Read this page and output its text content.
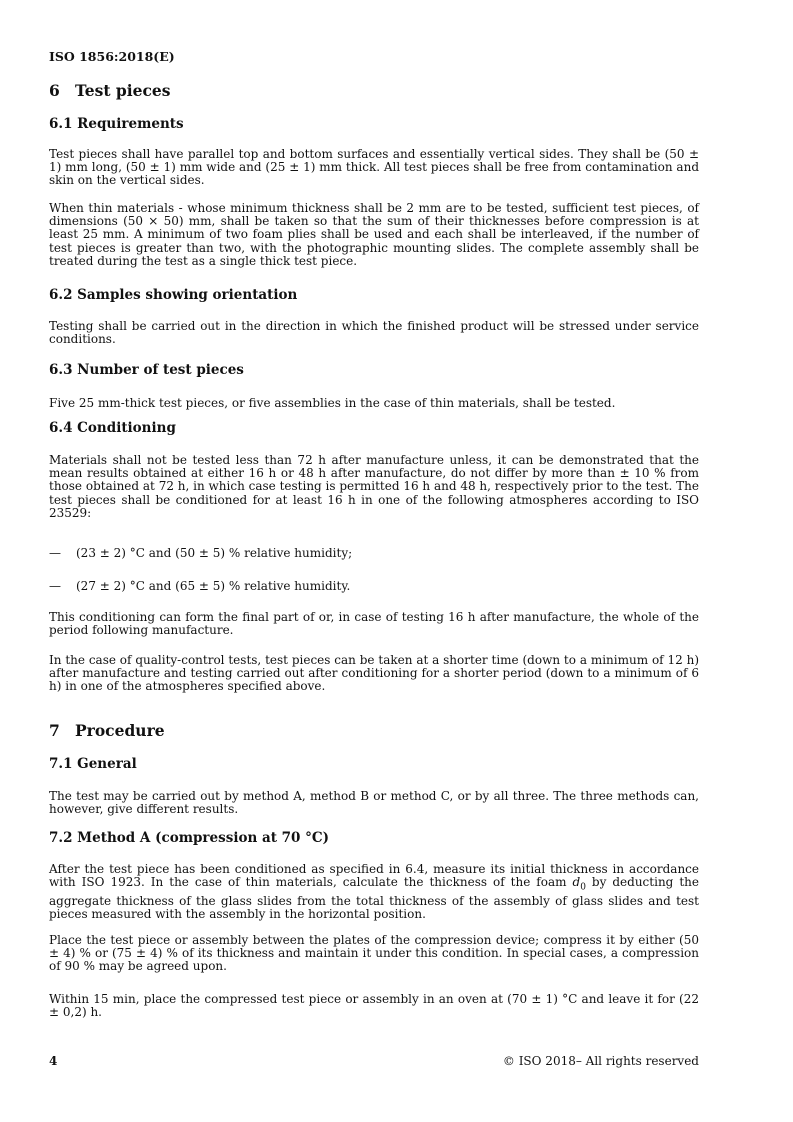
ISO 1856:2018(E)

6 Test pieces
6.1 Requirements

Test pieces shall have parallel top and bottom surfaces and essentially vertical sides. They shall be (50 ± 1) mm long, (50 ± 1) mm wide and (25 ± 1) mm thick. All test pieces shall be free from contamination and skin on the vertical sides.

When thin materials - whose minimum thickness shall be 2 mm are to be tested, sufficient test pieces, of dimensions (50 × 50) mm, shall be taken so that the sum of their thicknesses before compression is at least 25 mm. A minimum of two foam plies shall be used and each shall be interleaved, if the number of test pieces is greater than two, with the photographic mounting slides. The complete assembly shall be treated during the test as a single thick test piece.

6.2 Samples showing orientation

Testing shall be carried out in the direction in which the finished product will be stressed under service conditions.

6.3 Number of test pieces

Five 25 mm-thick test pieces, or five assemblies in the case of thin materials, shall be tested.

6.4 Conditioning

Materials shall not be tested less than 72 h after manufacture unless, it can be demonstrated that the mean results obtained at either 16 h or 48 h after manufacture, do not differ by more than ± 10 % from those obtained at 72 h, in which case testing is permitted 16 h and 48 h, respectively prior to the test. The test pieces shall be conditioned for at least 16 h in one of the following atmospheres according to ISO 23529:

— (23 ± 2) °C and (50 ± 5) % relative humidity;

— (27 ± 2) °C and (65 ± 5) % relative humidity.

This conditioning can form the final part of or, in case of testing 16 h after manufacture, the whole of the period following manufacture.

In the case of quality-control tests, test pieces can be taken at a shorter time (down to a minimum of 12 h) after manufacture and testing carried out after conditioning for a shorter period (down to a minimum of 6 h) in one of the atmospheres specified above.

7 Procedure
7.1 General

The test may be carried out by method A, method B or method C, or by all three. The three methods can, however, give different results.

7.2 Method A (compression at 70 °C)

After the test piece has been conditioned as specified in 6.4, measure its initial thickness in accordance with ISO 1923. In the case of thin materials, calculate the thickness of the foam $d_0$ by deducting the aggregate thickness of the glass slides from the total thickness of the assembly of glass slides and test pieces measured with the assembly in the horizontal position.

Place the test piece or assembly between the plates of the compression device; compress it by either (50 ± 4) % or (75 ± 4) % of its thickness and maintain it under this condition. In special cases, a compression of 90 % may be agreed upon.

Within 15 min, place the compressed test piece or assembly in an oven at (70 ± 1) °C and leave it for (22 ± 0,2) h.

4	© ISO 2018– All rights reserved
